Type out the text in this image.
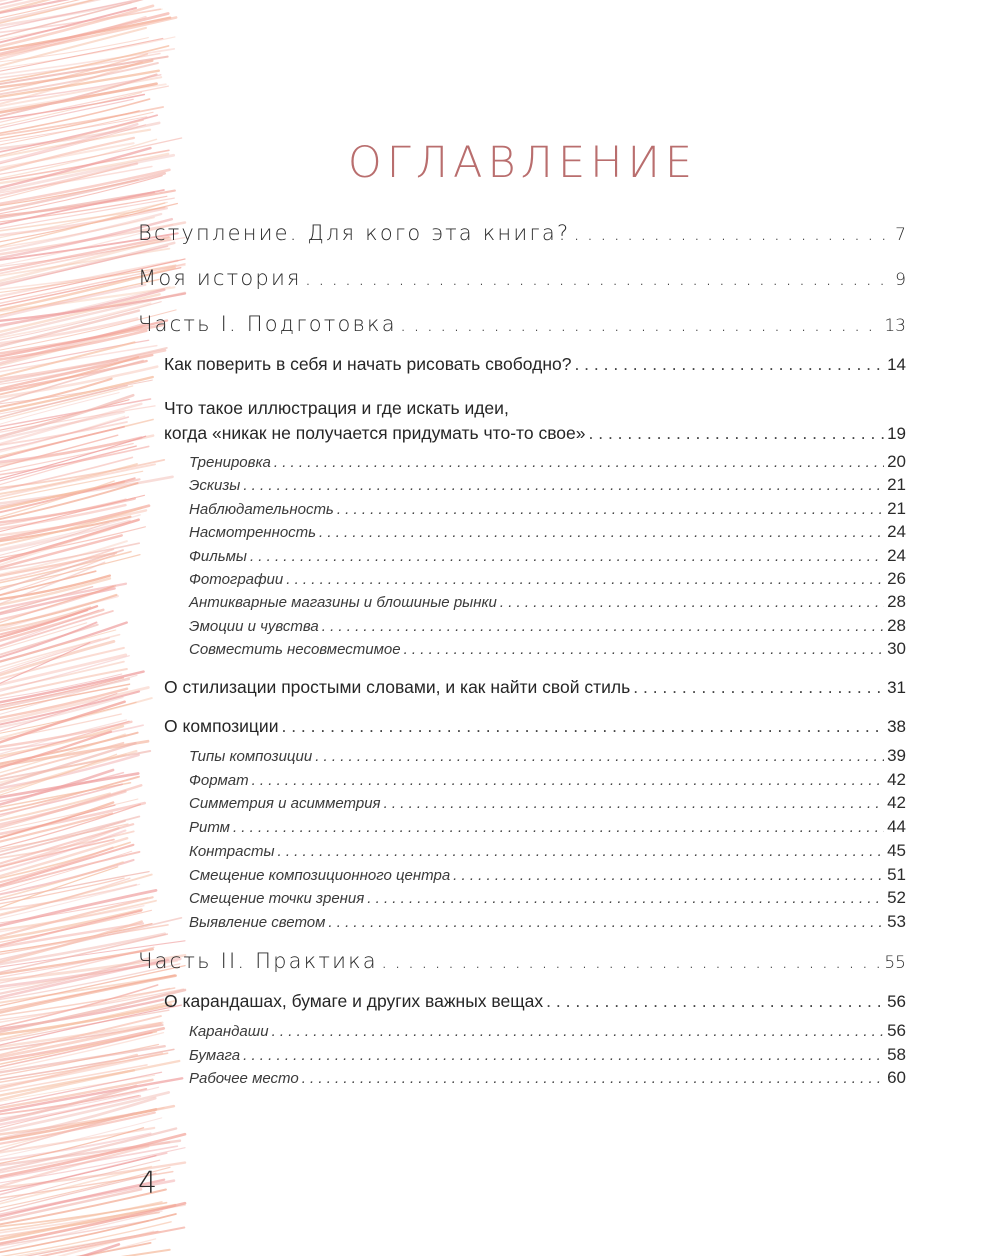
ОГЛАВЛЕНИЕ
Вступление. Для кого эта книга? . . .	7
Моя история . . .	9
Часть I. Подготовка . . .	13
Как поверить в себя и начать рисовать свободно? . . .	14
Что такое иллюстрация и где искать идеи,
когда «никак не получается придумать что-то свое» . . .	19
Тренировка . . .	20
Эскизы . . .	21
Наблюдательность . . .	21
Насмотренность . . .	24
Фильмы . . .	24
Фотографии . . .	26
Антикварные магазины и блошиные рынки . . .	28
Эмоции и чувства . . .	28
Совместить несовместимое . . .	30
О стилизации простыми словами, и как найти свой стиль . . .	31
О композиции . . .	38
Типы композиции . . .	39
Формат . . .	42
Симметрия и асимметрия . . .	42
Ритм . . .	44
Контрасты . . .	45
Смещение композиционного центра . . .	51
Смещение точки зрения . . .	52
Выявление светом . . .	53
Часть II. Практика . . .	55
О карандашах, бумаге и других важных вещах . . .	56
Карандаши . . .	56
Бумага . . .	58
Рабочее место . . .	60
4
